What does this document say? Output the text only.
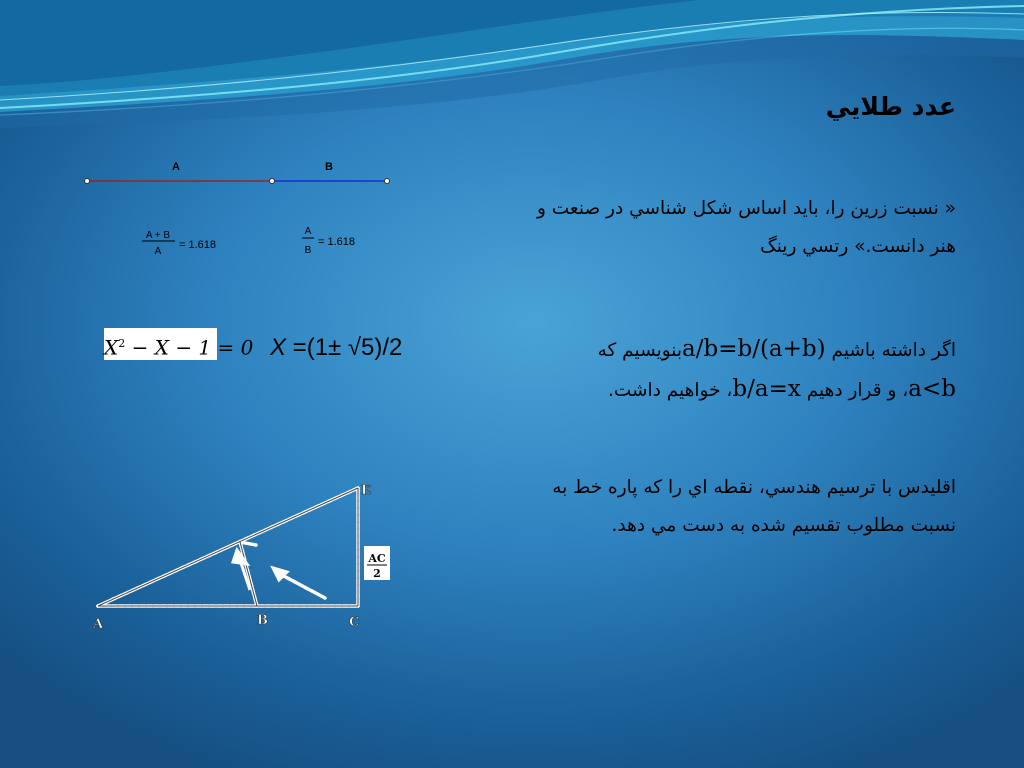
عدد طلايي
« نسبت زرين را، بايد اساس شکل شناسي در صنعت و
هنر دانست.» رتسي رينگ
اگر داشته باشيم a/b=b/(a+b)بنويسيم که
a<b، و قرار دهيم b/a=x، خواهيم داشت.
اقليدس با ترسيم هندسي، نقطه اي را که پاره خط به
نسبت مطلوب تقسيم شده به دست مي دهد.
$X^2 - X - 1 = 0$ X =(1± √5)/2
A	B
A + B
A
= 1.618
A
B
= 1.618
AC
2
A	B	C
E
